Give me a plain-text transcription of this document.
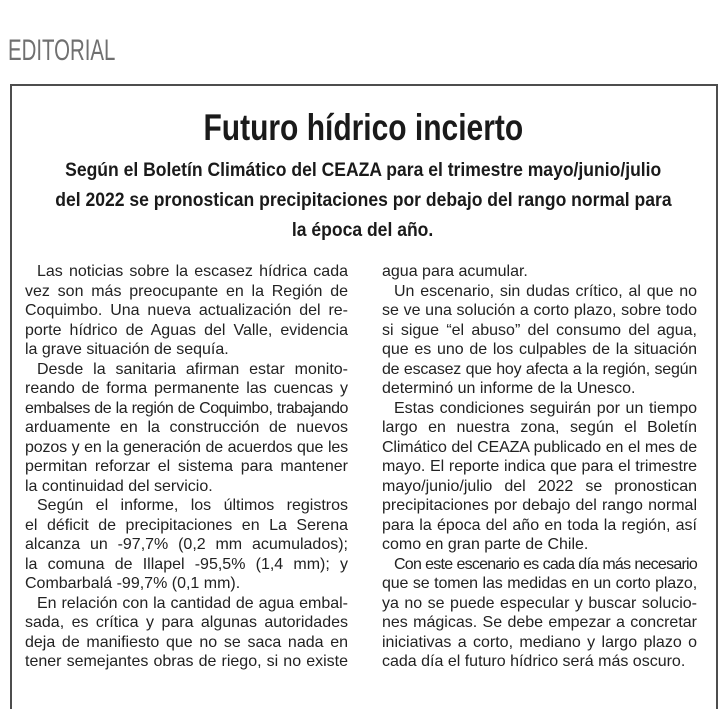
EDITORIAL
Futuro hídrico incierto
Según el Boletín Climático del CEAZA para el trimestre mayo/junio/julio
del 2022 se pronostican precipitaciones por debajo del rango normal para
la época del año.
Las noticias sobre la escasez hídrica cada
vez son más preocupante en la Región de
Coquimbo. Una nueva actualización del re-
porte hídrico de Aguas del Valle, evidencia
la grave situación de sequía.
Desde la sanitaria afirman estar monito-
reando de forma permanente las cuencas y
embalses de la región de Coquimbo, trabajando
arduamente en la construcción de nuevos
pozos y en la generación de acuerdos que les
permitan reforzar el sistema para mantener
la continuidad del servicio.
Según el informe, los últimos registros
el déficit de precipitaciones en La Serena
alcanza un -97,7% (0,2 mm acumulados);
la comuna de Illapel -95,5% (1,4 mm); y
Combarbalá -99,7% (0,1 mm).
En relación con la cantidad de agua embal-
sada, es crítica y para algunas autoridades
deja de manifiesto que no se saca nada en
tener semejantes obras de riego, si no existe
agua para acumular.
Un escenario, sin dudas crítico, al que no
se ve una solución a corto plazo, sobre todo
si sigue “el abuso” del consumo del agua,
que es uno de los culpables de la situación
de escasez que hoy afecta a la región, según
determinó un informe de la Unesco.
Estas condiciones seguirán por un tiempo
largo en nuestra zona, según el Boletín
Climático del CEAZA publicado en el mes de
mayo. El reporte indica que para el trimestre
mayo/junio/julio del 2022 se pronostican
precipitaciones por debajo del rango normal
para la época del año en toda la región, así
como en gran parte de Chile.
Con este escenario es cada día más necesario
que se tomen las medidas en un corto plazo,
ya no se puede especular y buscar solucio-
nes mágicas. Se debe empezar a concretar
iniciativas a corto, mediano y largo plazo o
cada día el futuro hídrico será más oscuro.
